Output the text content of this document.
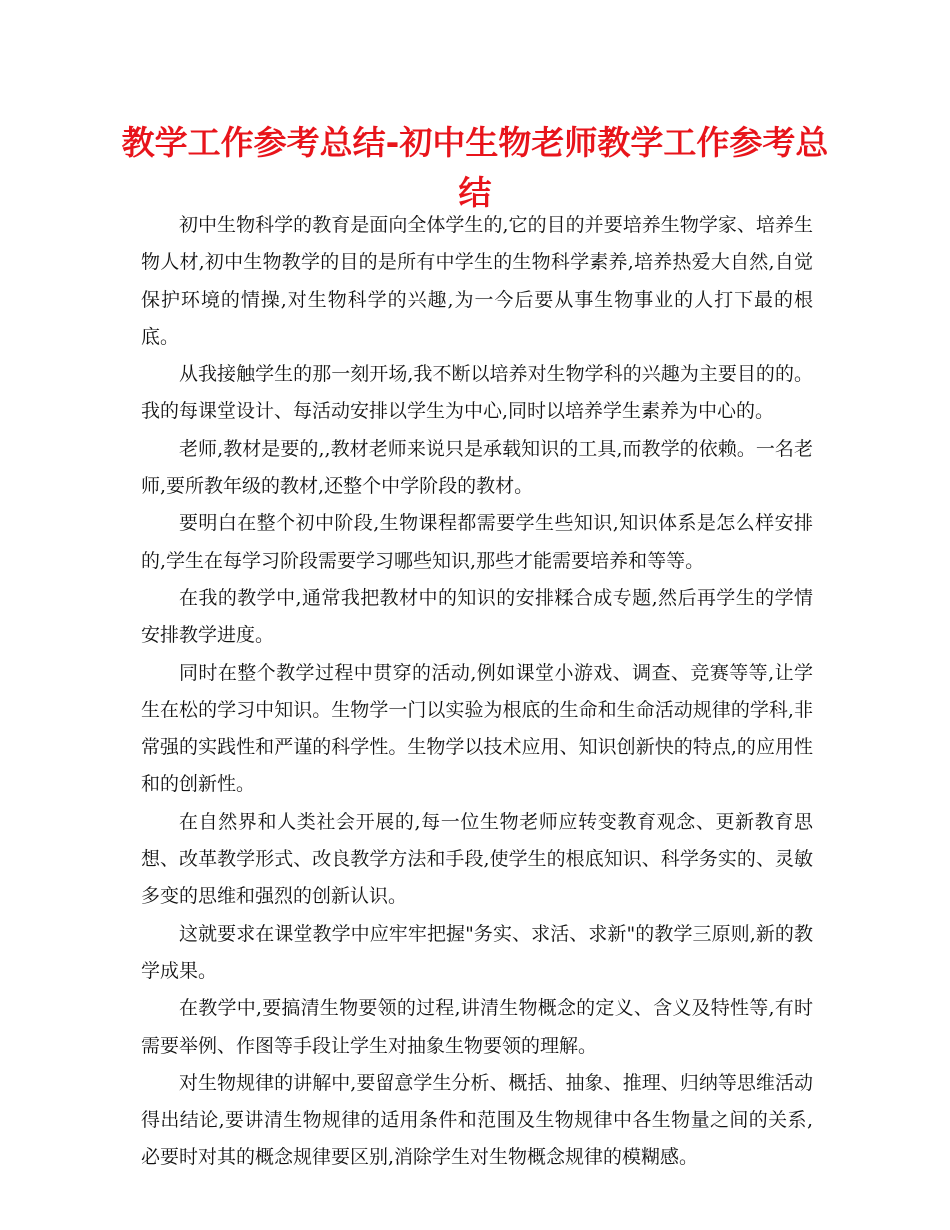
教学工作参考总结-初中生物老师教学工作参考总结

初中生物科学的教育是面向全体学生的,它的目的并要培养生物学家、培养生物人材,初中生物教学的目的是所有中学生的生物科学素养,培养热爱大自然,自觉保护环境的情操,对生物科学的兴趣,为一今后要从事生物事业的人打下最的根底。

从我接触学生的那一刻开场,我不断以培养对生物学科的兴趣为主要目的的。我的每课堂设计、每活动安排以学生为中心,同时以培养学生素养为中心的。

老师,教材是要的,,教材老师来说只是承载知识的工具,而教学的依赖。一名老师,要所教年级的教材,还整个中学阶段的教材。

要明白在整个初中阶段,生物课程都需要学生些知识,知识体系是怎么样安排的,学生在每学习阶段需要学习哪些知识,那些才能需要培养和等等。

在我的教学中,通常我把教材中的知识的安排糅合成专题,然后再学生的学情安排教学进度。

同时在整个教学过程中贯穿的活动,例如课堂小游戏、调查、竞赛等等,让学生在松的学习中知识。生物学一门以实验为根底的生命和生命活动规律的学科,非常强的实践性和严谨的科学性。生物学以技术应用、知识创新快的特点,的应用性和的创新性。

在自然界和人类社会开展的,每一位生物老师应转变教育观念、更新教育思想、改革教学形式、改良教学方法和手段,使学生的根底知识、科学务实的、灵敏多变的思维和强烈的创新认识。

这就要求在课堂教学中应牢牢把握"务实、求活、求新"的教学三原则,新的教学成果。

在教学中,要搞清生物要领的过程,讲清生物概念的定义、含义及特性等,有时需要举例、作图等手段让学生对抽象生物要领的理解。

对生物规律的讲解中,要留意学生分析、概括、抽象、推理、归纳等思维活动得出结论,要讲清生物规律的适用条件和范围及生物规律中各生物量之间的关系,必要时对其的概念规律要区别,消除学生对生物概念规律的模糊感。
